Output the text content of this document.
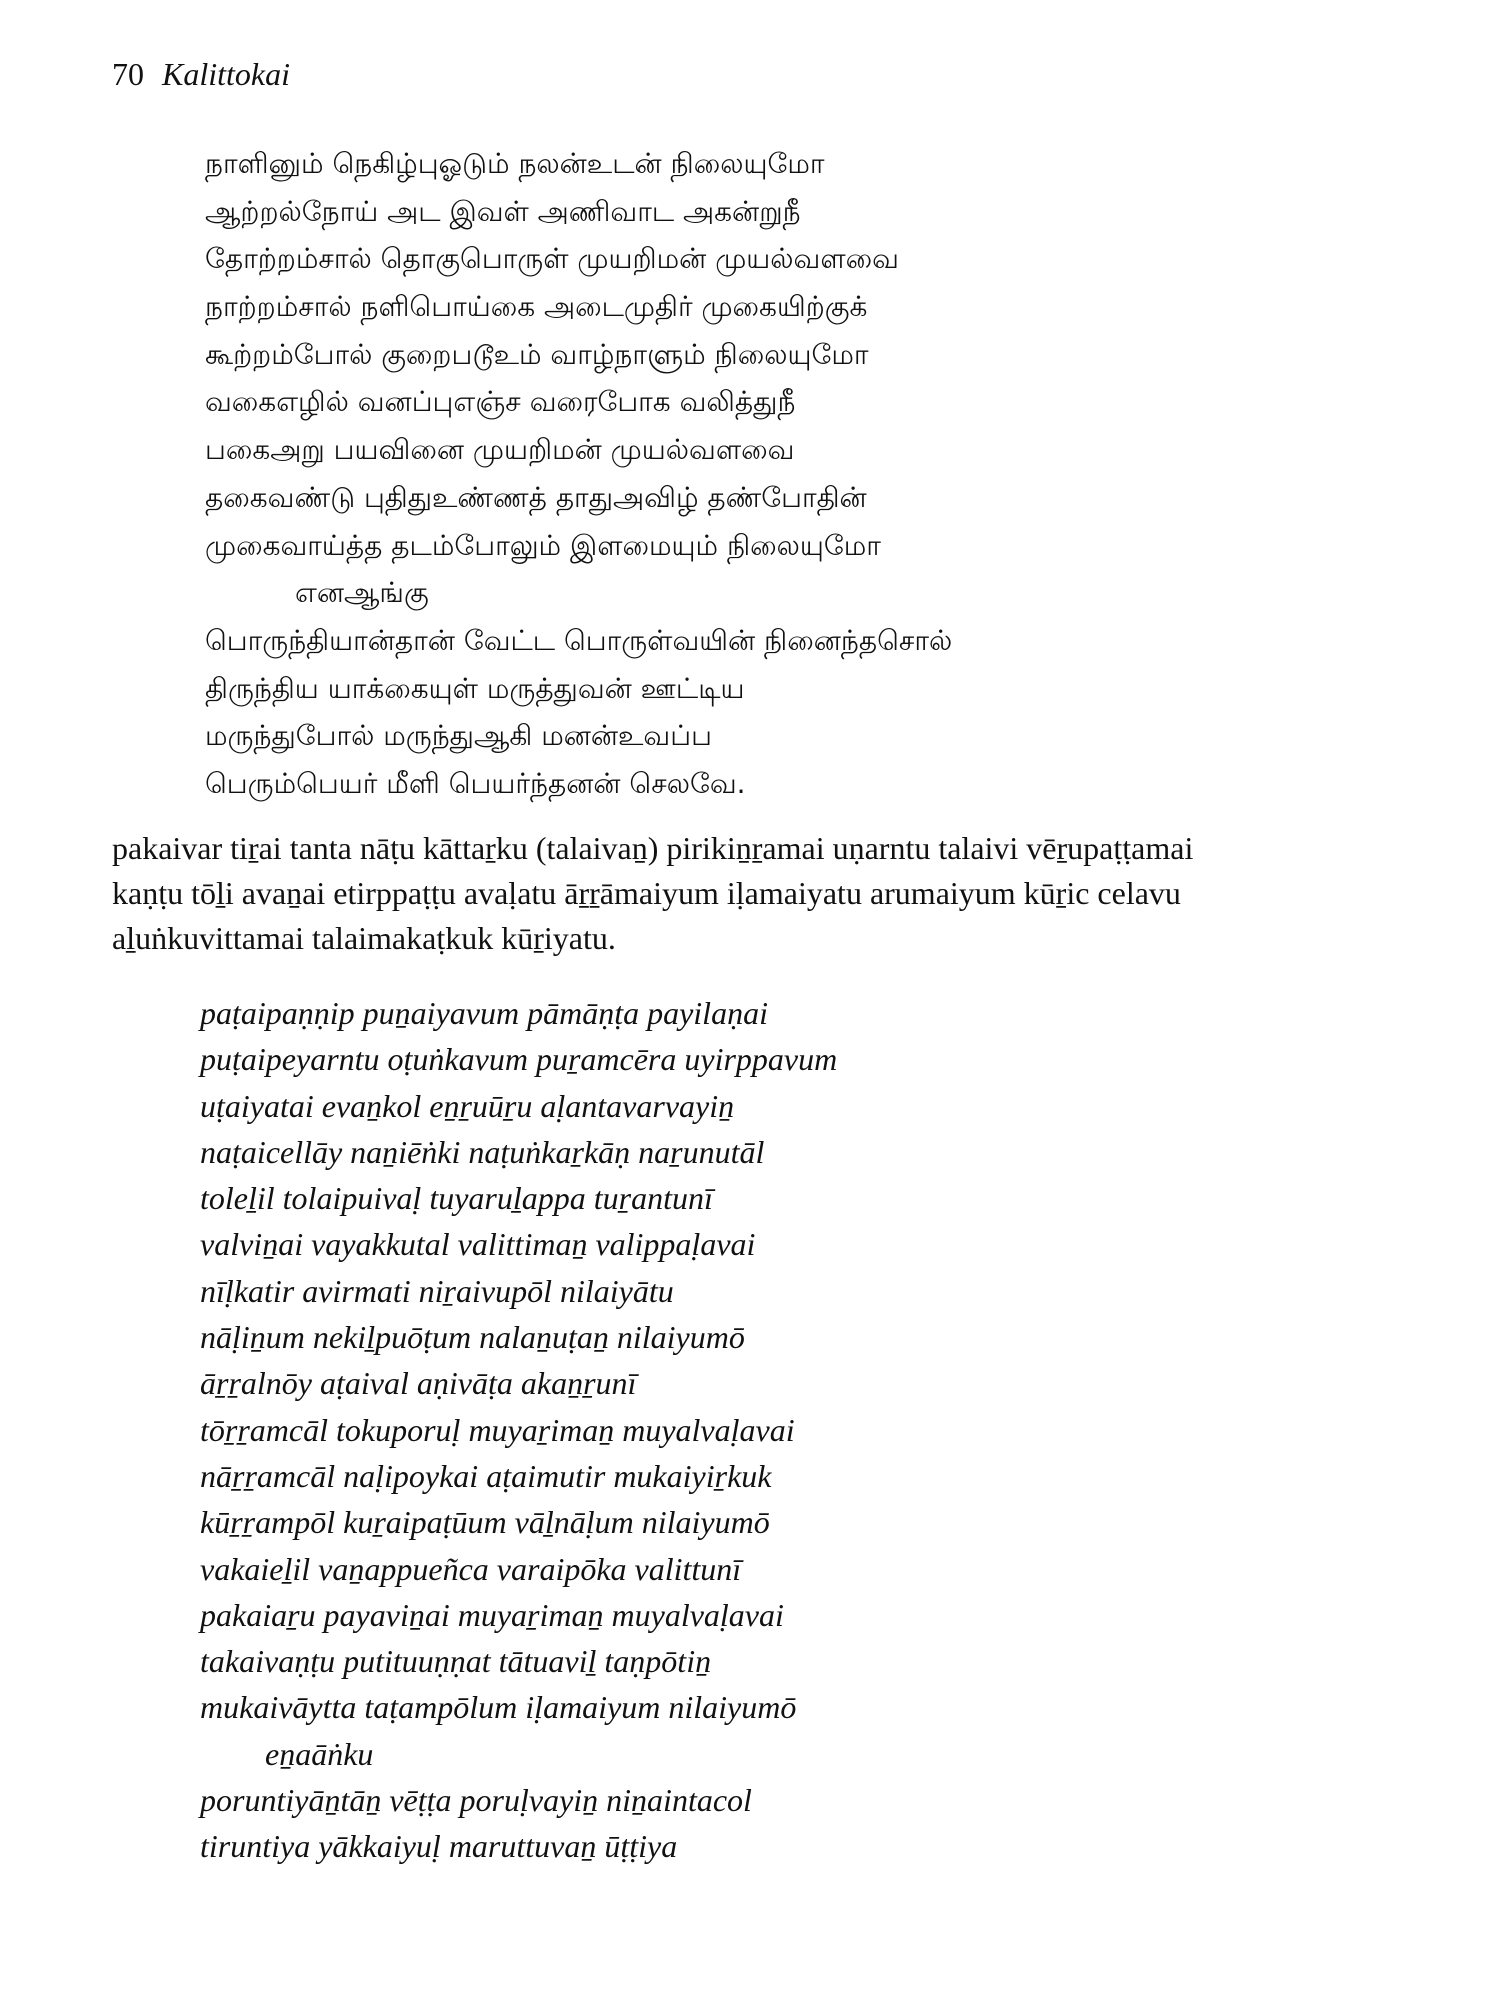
70 Kalittokai
நாளினும் நெகிழ்புஓடும் நலன்உடன் நிலையுமோ
ஆற்றல்நோய் அட இவள் அணிவாட அகன்றுநீ
தோற்றம்சால் தொகுபொருள் முயறிமன் முயல்வளவை
நாற்றம்சால் நளிபொய்கை அடைமுதிர் முகையிற்குக்
கூற்றம்போல் குறைபடூஉம் வாழ்நாளும் நிலையுமோ
வகைஎழில் வனப்புஎஞ்ச வரைபோக வலித்துநீ
பகைஅறு பயவினை முயறிமன் முயல்வளவை
தகைவண்டு புதிதுஉண்ணத் தாதுஅவிழ் தண்போதின்
முகைவாய்த்த தடம்போலும் இளமையும் நிலையுமோ
எனஆங்கு
பொருந்தியான்தான் வேட்ட பொருள்வயின் நினைந்தசொல்
திருந்திய யாக்கையுள் மருத்துவன் ஊட்டிய
மருந்துபோல் மருந்துஆகி மனன்உவப்ப
பெரும்பெயர் மீளி பெயர்ந்தனன் செலவே.
pakaivar tiṟai tanta nāṭu kāttaṟku (talaivaṉ) pirikiṉṟamai uṇarntu talaivi vēṟupaṭṭamai
kaṇṭu tōḻi avaṉai etirppaṭṭu avaḷatu āṟṟāmaiyum iḷamaiyatu arumaiyum kūṟic celavu
aḻuṅkuvittamai talaimakaṭkuk kūṟiyatu.
paṭaipaṇṇip puṉaiyavum pāmāṇṭa payilaṇai
puṭaipeyarntu oṭuṅkavum puṟamcēra uyirppavum
uṭaiyatai evaṉkol eṉṟuūṟu aḷantavarvayiṉ
naṭaicellāy naṉiēṅki naṭuṅkaṟkāṇ naṟunutāl
toleḻil tolaipuivaḷ tuyaruḻappa tuṟantunī
valviṉai vayakkutal valittimaṉ valippaḷavai
nīḷkatir avirmati niṟaivupōl nilaiyātu
nāḷiṉum nekiḻpuōṭum nalaṉuṭaṉ nilaiyumō
āṟṟalnōy aṭaival aṇivāṭa akaṉṟunī
tōṟṟamcāl tokuporuḷ muyaṟimaṉ muyalvaḷavai
nāṟṟamcāl naḷipoykai aṭaimutir mukaiyiṟkuk
kūṟṟampōl kuṟaipaṭūum vāḻnāḷum nilaiyumō
vakaieḻil vaṉappueñca varaipōka valittunī
pakaiaṟu payaviṉai muyaṟimaṉ muyalvaḷavai
takaivaṇṭu putituuṇṇat tātuaviḻ taṇpōtiṉ
mukaivāytta taṭampōlum iḷamaiyum nilaiyumō
eṉaāṅku
poruntiyāṉtāṉ vēṭṭa poruḷvayiṉ niṉaintacol
tiruntiya yākkaiyuḷ maruttuvaṉ ūṭṭiya
